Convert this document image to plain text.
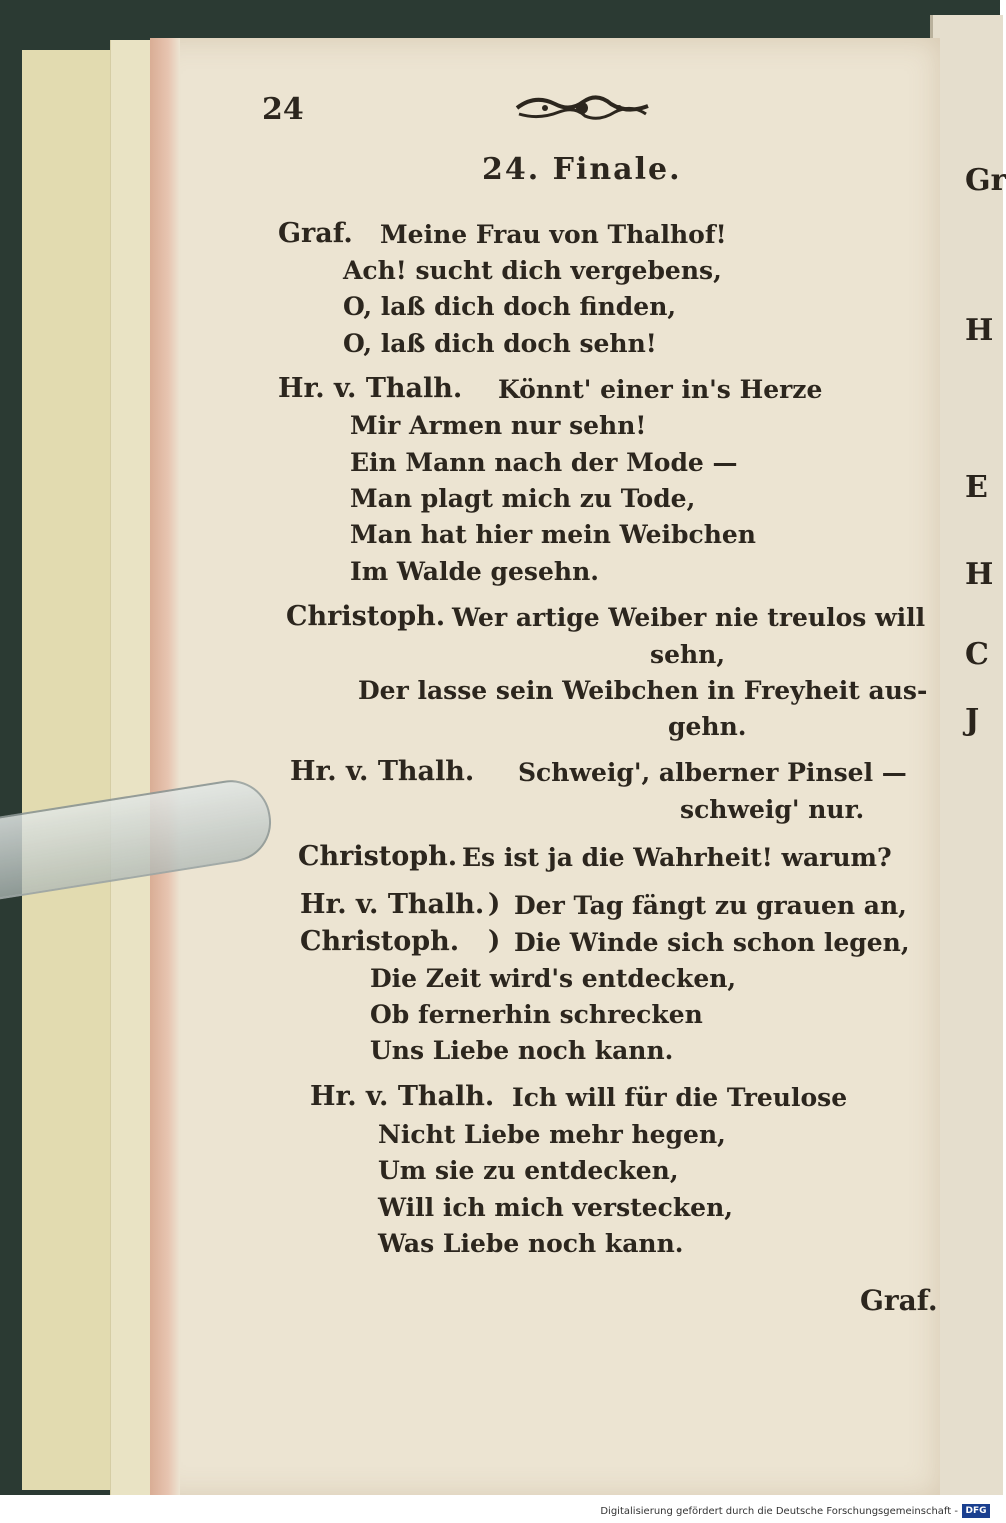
Gr
H
E
H
C
J
24
24. Finale.
Graf. Meine Frau von Thalhof!
Ach! sucht dich vergebens,
O, laß dich doch finden,
O, laß dich doch sehn!
Hr. v. Thalh. Könnt' einer in's Herze
Mir Armen nur sehn!
Ein Mann nach der Mode —
Man plagt mich zu Tode,
Man hat hier mein Weibchen
Im Walde gesehn.
Christoph. Wer artige Weiber nie treulos will
sehn,
Der lasse sein Weibchen in Freyheit aus-
gehn.
Hr. v. Thalh. Schweig', alberner Pinsel —
schweig' nur.
Christoph. Es ist ja die Wahrheit! warum?
Hr. v. Thalh. ) Der Tag fängt zu grauen an,
Christoph. ) Die Winde sich schon legen,
Die Zeit wird's entdecken,
Ob fernerhin schrecken
Uns Liebe noch kann.
Hr. v. Thalh. Ich will für die Treulose
Nicht Liebe mehr hegen,
Um sie zu entdecken,
Will ich mich verstecken,
Was Liebe noch kann.
Graf.
Digitalisierung gefördert durch die Deutsche Forschungsgemeinschaft - DFG
